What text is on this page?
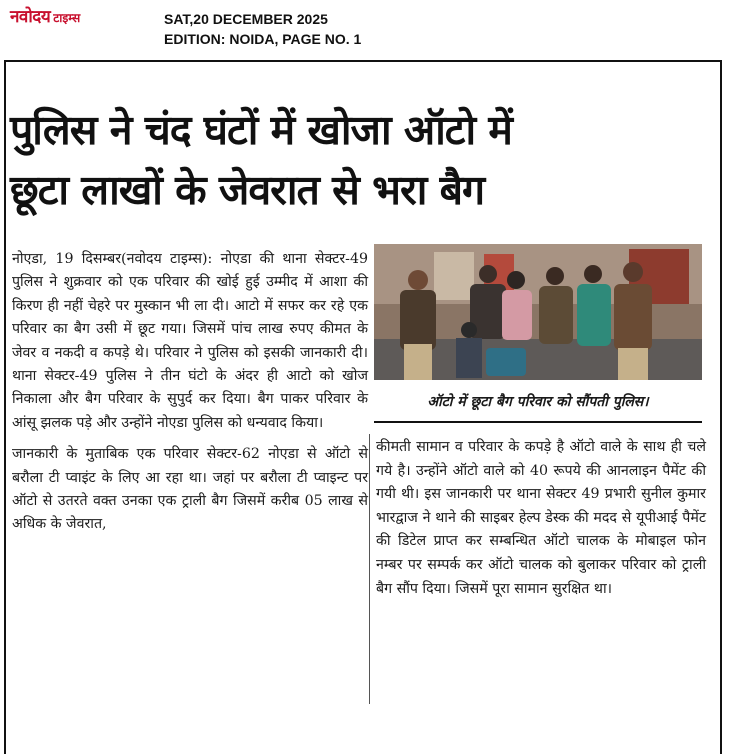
नवोदय टाइम्स	SAT,20 DECEMBER 2025
EDITION: NOIDA, PAGE NO. 1
पुलिस ने चंद घंटों में खोजा ऑटो में
छूटा लाखों के जेवरात से भरा बैग

नोएडा, 19 दिसम्बर(नवोदय टाइम्स): नोएडा की थाना सेक्टर-49 पुलिस ने शुक्रवार को एक परिवार की खोई हुई उम्मीद में आशा की किरण ही नहीं चेहरे पर मुस्कान भी ला दी। आटो में सफर कर रहे एक परिवार का बैग उसी में छूट गया। जिसमें पांच लाख रुपए कीमत के जेवर व नकदी व कपड़े थे। परिवार ने पुलिस को इसकी जानकारी दी। थाना सेक्टर-49 पुलिस ने तीन घंटो के अंदर ही आटो को खोज निकाला और बैग परिवार के सुपुर्द कर दिया। बैग पाकर परिवार के आंसू झलक पड़े और उन्होंने नोएडा पुलिस को धन्यवाद किया।

जानकारी के मुताबिक एक परिवार सेक्टर-62 नोएडा से ऑटो से बरौला टी प्वाइंट के लिए आ रहा था। जहां पर बरौला टी प्वाइन्ट पर ऑटो से उतरते वक्त उनका एक ट्राली बैग जिसमें करीब 05 लाख से अधिक के जेवरात,

ऑटो में छूटा बैग परिवार को सौंपती पुलिस।

कीमती सामान व परिवार के कपड़े है ऑटो वाले के साथ ही चले गये है। उन्होंने ऑटो वाले को 40 रूपये की आनलाइन पैमेंट की गयी थी। इस जानकारी पर थाना सेक्टर 49 प्रभारी सुनील कुमार भारद्वाज ने थाने की साइबर हेल्प डेस्क की मदद से यूपीआई पैमेंट की डिटेल प्राप्त कर सम्बन्धित ऑटो चालक के मोबाइल फोन नम्बर पर सम्पर्क कर ऑटो चालक को बुलाकर परिवार को ट्राली बैग सौंप दिया। जिसमें पूरा सामान सुरक्षित था।
